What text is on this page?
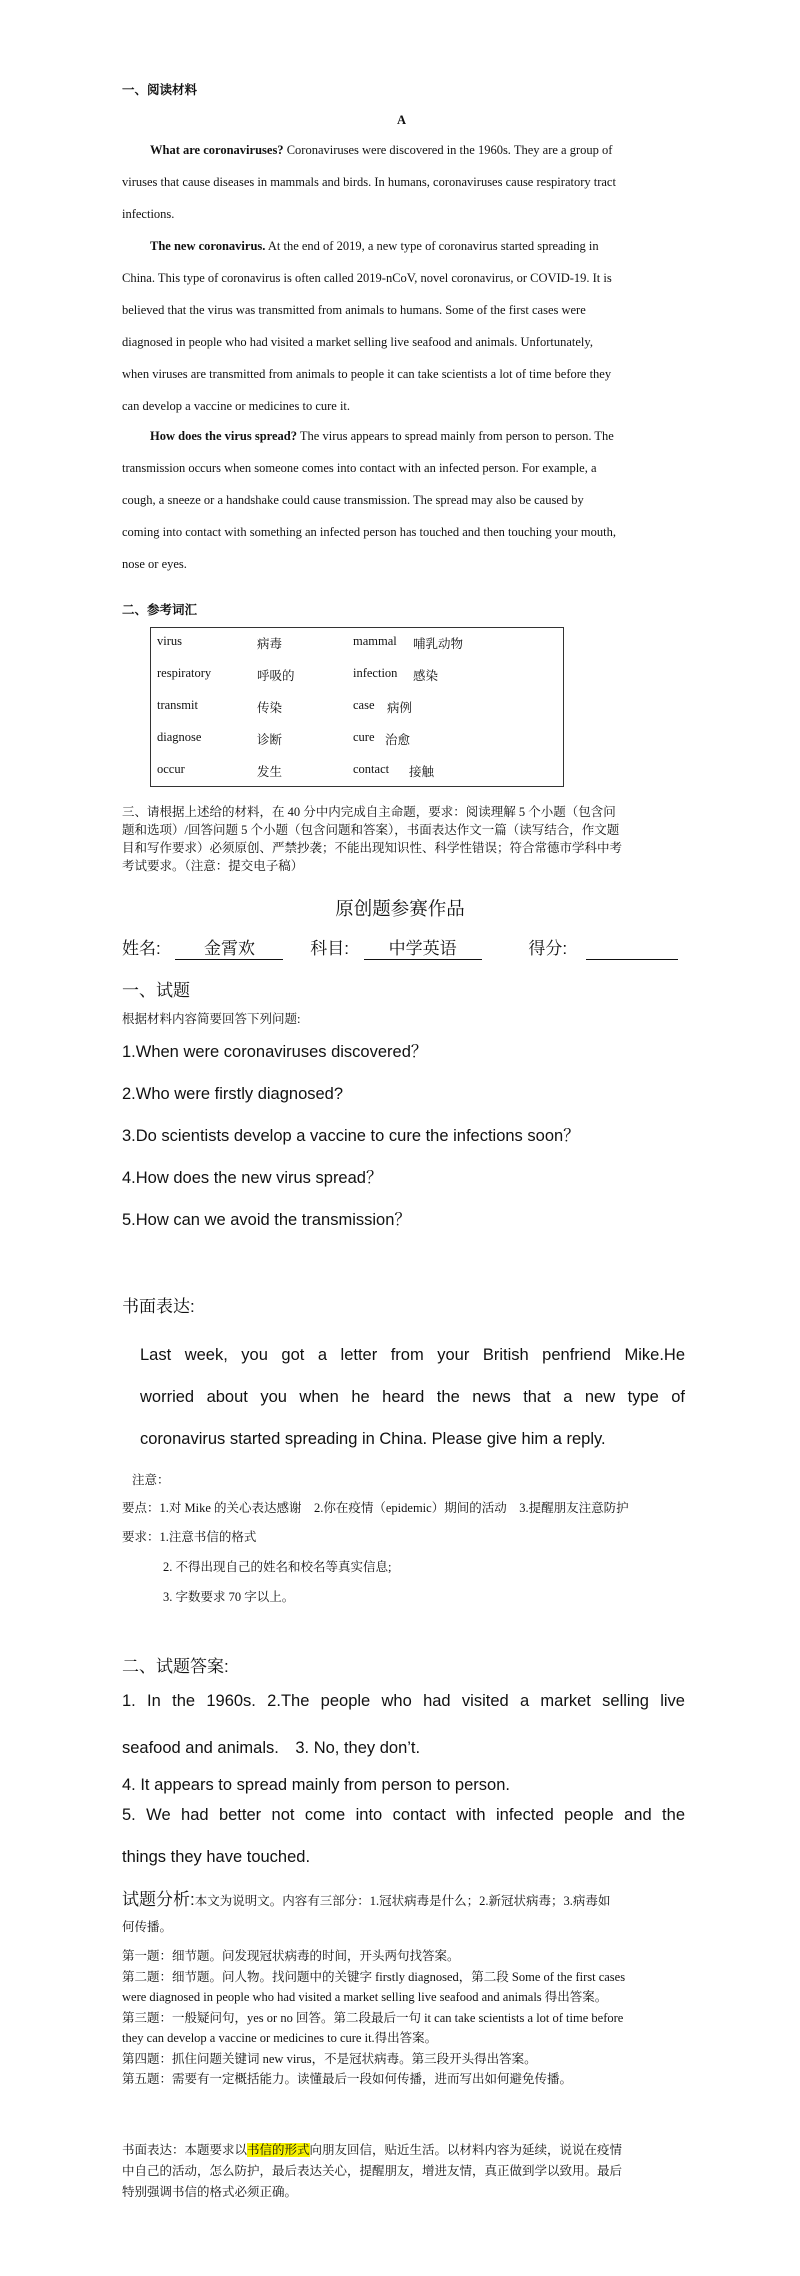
一、阅读材料
A
What are coronaviruses? Coronaviruses were discovered in the 1960s. They are a group of
viruses that cause diseases in mammals and birds. In humans, coronaviruses cause respiratory tract
infections.
The new coronavirus. At the end of 2019, a new type of coronavirus started spreading in
China. This type of coronavirus is often called 2019-nCoV, novel coronavirus, or COVID-19. It is
believed that the virus was transmitted from animals to humans. Some of the first cases were
diagnosed in people who had visited a market selling live seafood and animals. Unfortunately,
when viruses are transmitted from animals to people it can take scientists a lot of time before they
can develop a vaccine or medicines to cure it.
How does the virus spread? The virus appears to spread mainly from person to person. The
transmission occurs when someone comes into contact with an infected person. For example, a
cough, a sneeze or a handshake could cause transmission. The spread may also be caused by
coming into contact with something an infected person has touched and then touching your mouth,
nose or eyes.
二、参考词汇
virus	病毒	mammal 哺乳动物
respiratory	呼吸的	infection 感染
transmit	传染	case 病例
diagnose	诊断	cure 治愈
occur	发生	contact 接触
三、请根据上述给的材料，在 40 分中内完成自主命题，要求：阅读理解 5 个小题（包含问
题和选项）/回答问题 5 个小题（包含问题和答案），书面表达作文一篇（读写结合，作文题
目和写作要求）必须原创、严禁抄袭；不能出现知识性、科学性错误；符合常德市学科中考
考试要求。（注意：提交电子稿）
原创题参赛作品
姓名:	金霄欢	科目: 中学英语	得分:
一、试题
根据材料内容简要回答下列问题:
1.When were coronaviruses discovered？
2.Who were firstly diagnosed?
3.Do scientists develop a vaccine to cure the infections soon？
4.How does the new virus spread？
5.How can we avoid the transmission？
书面表达:
Last week, you got a letter from your British penfriend Mike.He
worried about you when he heard the news that a new type of
coronavirus started spreading in China. Please give him a reply.
注意：
要点：1.对 Mike 的关心表达感谢　2.你在疫情（epidemic）期间的活动　3.提醒朋友注意防护
要求：1.注意书信的格式
2. 不得出现自己的姓名和校名等真实信息;
3. 字数要求 70 字以上。
二、试题答案:
1. In the 1960s. 2.The people who had visited a market selling live
seafood and animals.　3. No, they don’t.
4. It appears to spread mainly from person to person.
5. We had better not come into contact with infected people and the
things they have touched.
试题分析:本文为说明文。内容有三部分：1.冠状病毒是什么；2.新冠状病毒；3.病毒如
何传播。
第一题：细节题。问发现冠状病毒的时间，开头两句找答案。
第二题：细节题。问人物。找问题中的关键字 firstly diagnosed，第二段 Some of the first cases
were diagnosed in people who had visited a market selling live seafood and animals 得出答案。
第三题：一般疑问句，yes or no 回答。第二段最后一句 it can take scientists a lot of time before
they can develop a vaccine or medicines to cure it.得出答案。
第四题：抓住问题关键词 new virus，不是冠状病毒。第三段开头得出答案。
第五题：需要有一定概括能力。读懂最后一段如何传播，进而写出如何避免传播。
书面表达：本题要求以书信的形式向朋友回信，贴近生活。以材料内容为延续，说说在疫情
中自己的活动，怎么防护，最后表达关心，提醒朋友，增进友情，真正做到学以致用。最后
特别强调书信的格式必须正确。
